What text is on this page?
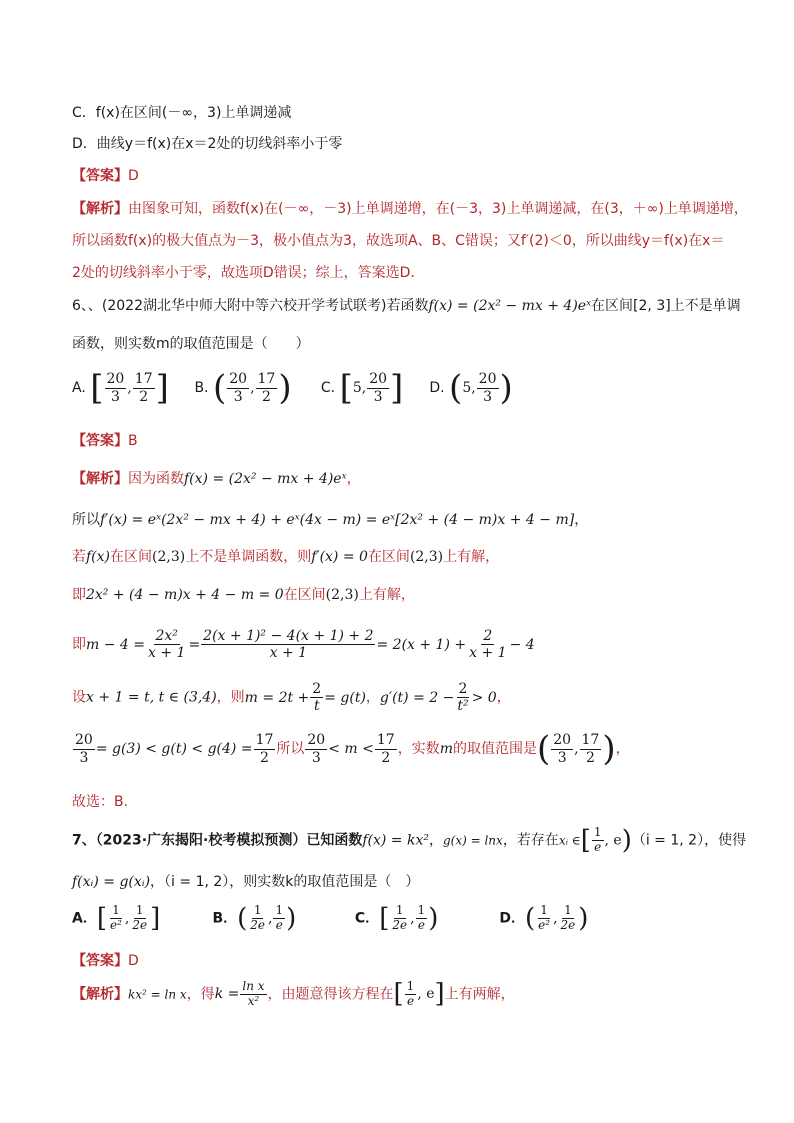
C．f(x)在区间(－∞，3)上单调递减
D．曲线y＝f(x)在x＝2处的切线斜率小于零
【答案】D
【解析】由图象可知，函数f(x)在(－∞，－3)上单调递增，在(－3，3)上单调递减，在(3，＋∞)上单调递增，
所以函数f(x)的极大值点为－3，极小值点为3，故选项A、B、C错误；又f′(2)＜0，所以曲线y＝f(x)在x＝
2处的切线斜率小于零，故选项D错误；综上，答案选D．
6、、(2022湖北华中师大附中等六校开学考试联考)若函数f(x) = (2x² − mx + 4)eˣ在区间[2, 3]上不是单调
函数，则实数m的取值范围是（　　）
A. [ $\frac{20}{3}$ , $\frac{17}{2}$ ] B. ( $\frac{20}{3}$ , $\frac{17}{2}$ ) C. [5, $\frac{20}{3}$ ] D. (5, $\frac{20}{3}$ )
【答案】B
【解析】因为函数f(x) = (2x² − mx + 4)eˣ，
所以f′(x) = eˣ(2x² − mx + 4) + eˣ(4x − m) = eˣ[2x² + (4 − m)x + 4 − m]，
若f(x)在区间(2,3)上不是单调函数，则f′(x) = 0在区间(2,3)上有解，
即2x² + (4 − m)x + 4 − m = 0在区间(2,3)上有解，
即$m - 4 = \frac{\text{2x²}}{x + 1} = \frac{\text{2(x + 1)² − 4(x + 1) + 2}}{x + 1} = 2(x + 1) + \frac{2}{x + 1} - 4$
设x + 1 = t, t ∈ (3,4)，则$m = 2t + \frac{2}{t} = g(t)$，$g'(t) = 2 - \frac{2}{\text{t²}} > 0$，
$\frac{20}{3} = g(3) < g(t) < g(4) = \frac{17}{2}$ 所以 $\frac{20}{3} < m < \frac{17}{2}$ ，实数m的取值范围是( $\frac{20}{3}$ , $\frac{17}{2}$ )，
故选：B.
7、（2023·广东揭阳·校考模拟预测）已知函数f(x) = kx²，g(x) = lnx，若存在xᵢ ∈[ $\frac{1}{e}$ , e)（i = 1, 2），使得
f(xᵢ) = g(xᵢ)，（i = 1, 2），则实数k的取值范围是（　）
A．[ $\frac{1}{\text{e²}}$ , $\frac{1}{2e}$ ]	B．( $\frac{1}{2e}$ , $\frac{1}{e}$ )	C．[ $\frac{1}{2e}$ , $\frac{1}{e}$ )	D．( $\frac{1}{\text{e²}}$ , $\frac{1}{2e}$ )
【答案】D
【解析】kx² = ln x，得$k = \frac{\text{ln x}}{\text{x²}}$ ，由题意得该方程在[ $\frac{1}{e}$ , e]上有两解，
